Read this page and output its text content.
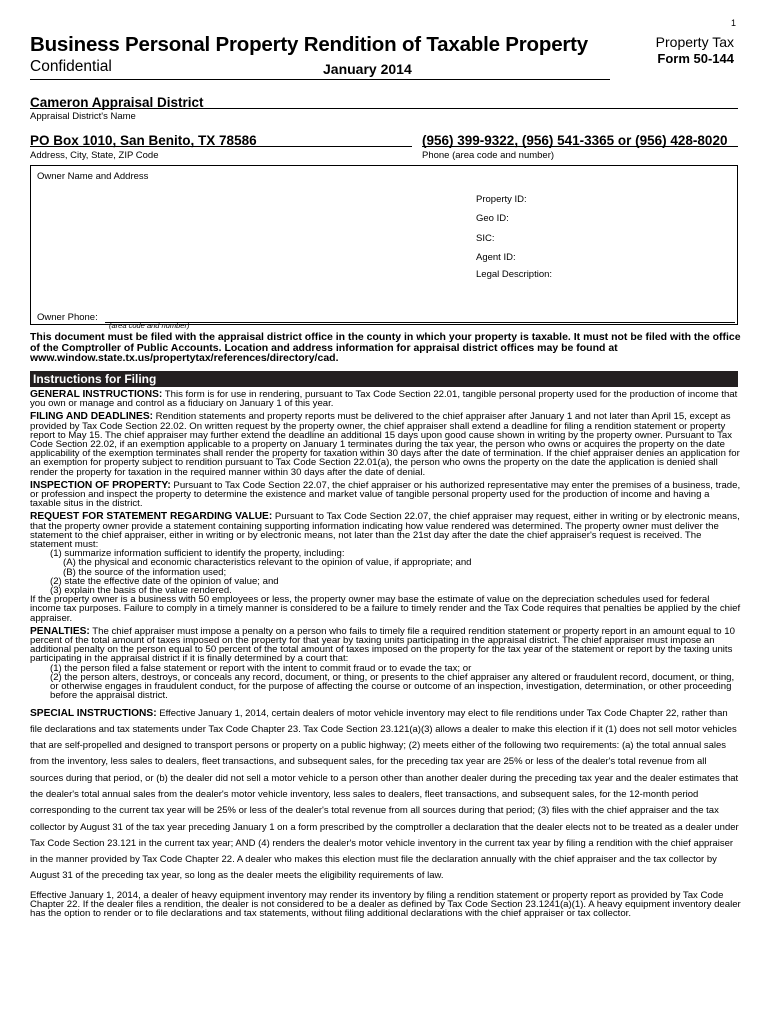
1
Business Personal Property Rendition of Taxable Property
Confidential	January 2014
Property Tax
Form 50-144
Cameron Appraisal District
Appraisal District's Name
PO Box 1010, San Benito, TX 78586
Address, City, State, ZIP Code
(956) 399-9322, (956) 541-3365 or (956) 428-8020
Phone (area code and number)
Owner Name and Address
Property ID:
Geo ID:
SIC:
Agent ID:
Legal Description:
Owner Phone:
(area code and number)
This document must be filed with the appraisal district office in the county in which your property is taxable. It must not be filed with the office of the Comptroller of Public Accounts. Location and address information for appraisal district offices may be found at www.window.state.tx.us/propertytax/references/directory/cad.
Instructions for Filing

GENERAL INSTRUCTIONS: This form is for use in rendering, pursuant to Tax Code Section 22.01, tangible personal property used for the production of income that you own or manage and control as a fiduciary on January 1 of this year.

FILING AND DEADLINES: Rendition statements and property reports must be delivered to the chief appraiser after January 1 and not later than April 15, except as provided by Tax Code Section 22.02. On written request by the property owner, the chief appraiser shall extend a deadline for filing a rendition statement or property report to May 15. The chief appraiser may further extend the deadline an additional 15 days upon good cause shown in writing by the property owner. Pursuant to Tax Code Section 22.02, if an exemption applicable to a property on January 1 terminates during the tax year, the person who owns or acquires the property on the date applicability of the exemption terminates shall render the property for taxation within 30 days after the date of termination. If the chief appraiser denies an application for an exemption for property subject to rendition pursuant to Tax Code Section 22.01(a), the person who owns the property on the date the application is denied shall render the property for taxation in the required manner within 30 days after the date of denial.

INSPECTION OF PROPERTY: Pursuant to Tax Code Section 22.07, the chief appraiser or his authorized representative may enter the premises of a business, trade, or profession and inspect the property to determine the existence and market value of tangible personal property used for the production of income and having a taxable situs in the district.

REQUEST FOR STATEMENT REGARDING VALUE: Pursuant to Tax Code Section 22.07, the chief appraiser may request, either in writing or by electronic means, that the property owner provide a statement containing supporting information indicating how value rendered was determined. The property owner must deliver the statement to the chief appraiser, either in writing or by electronic means, not later than the 21st day after the date the chief appraiser's request is received. The statement must:

(1) summarize information sufficient to identify the property, including:

(A) the physical and economic characteristics relevant to the opinion of value, if appropriate; and

(B) the source of the information used;

(2) state the effective date of the opinion of value; and

(3) explain the basis of the value rendered.

If the property owner is a business with 50 employees or less, the property owner may base the estimate of value on the depreciation schedules used for federal income tax purposes. Failure to comply in a timely manner is considered to be a failure to timely render and the Tax Code requires that penalties be applied by the chief appraiser.

PENALTIES: The chief appraiser must impose a penalty on a person who fails to timely file a required rendition statement or property report in an amount equal to 10 percent of the total amount of taxes imposed on the property for that year by taxing units participating in the appraisal district. The chief appraiser must impose an additional penalty on the person equal to 50 percent of the total amount of taxes imposed on the property for the tax year of the statement or report by the taxing units participating in the appraisal district if it is finally determined by a court that:

(1) the person filed a false statement or report with the intent to commit fraud or to evade the tax; or

(2) the person alters, destroys, or conceals any record, document, or thing, or presents to the chief appraiser any altered or fraudulent record, document, or thing, or otherwise engages in fraudulent conduct, for the purpose of affecting the course or outcome of an inspection, investigation, determination, or other proceeding before the appraisal district.

SPECIAL INSTRUCTIONS: Effective January 1, 2014, certain dealers of motor vehicle inventory may elect to file renditions under Tax Code Chapter 22, rather than file declarations and tax statements under Tax Code Chapter 23. Tax Code Section 23.121(a)(3) allows a dealer to make this election if it (1) does not sell motor vehicles that are self-propelled and designed to transport persons or property on a public highway; (2) meets either of the following two requirements: (a) the total annual sales from the inventory, less sales to dealers, fleet transactions, and subsequent sales, for the preceding tax year are 25% or less of the dealer's total revenue from all sources during that period, or (b) the dealer did not sell a motor vehicle to a person other than another dealer during the preceding tax year and the dealer estimates that the dealer's total annual sales from the dealer's motor vehicle inventory, less sales to dealers, fleet transactions, and subsequent sales, for the 12-month period corresponding to the current tax year will be 25% or less of the dealer's total revenue from all sources during that period; (3) files with the chief appraiser and the tax collector by August 31 of the tax year preceding January 1 on a form prescribed by the comptroller a declaration that the dealer elects not to be treated as a dealer under Tax Code Section 23.121 in the current tax year; AND (4) renders the dealer's motor vehicle inventory in the current tax year by filing a rendition with the chief appraiser in the manner provided by Tax Code Chapter 22. A dealer who makes this election must file the declaration annually with the chief appraiser and the tax collector by August 31 of the preceding tax year, so long as the dealer meets the eligibility requirements of law.

Effective January 1, 2014, a dealer of heavy equipment inventory may render its inventory by filing a rendition statement or property report as provided by Tax Code Chapter 22. If the dealer files a rendition, the dealer is not considered to be a dealer as defined by Tax Code Section 23.1241(a)(1). A heavy equipment inventory dealer has the option to render or to file declarations and tax statements, without filing additional declarations with the chief appraiser or tax collector.
